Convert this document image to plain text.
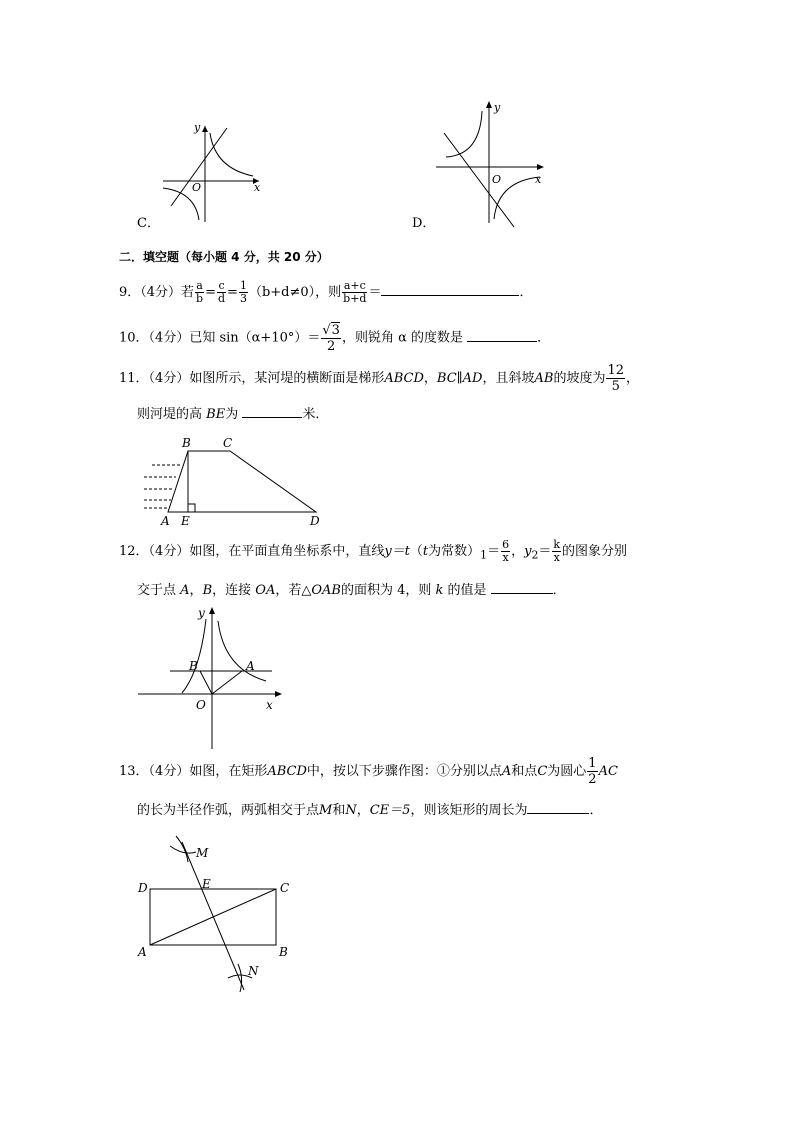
y
x
O
C．
y
x
O
D．
二．填空题（每小题 4 分，共 20 分）
9．（4分）若 $\frac{a}{b} = \frac{c}{d} = \frac{1}{3} (b+d\ne 0)$，则 $\frac{a+c}{b+d}$ ＝	．
10．（4分）已知 $\sin(\alpha+10^\circ)= \frac{√3}{2}$ ，则锐角 α 的度数是	．
11．（4分）如图所示，某河堤的横断面是梯形ABCD，BC∥AD，且斜坡AB的坡度为 $\frac{12}{5}$ ，
则河堤的高 BE为	米．
B	C
A E	D
12．（4分）如图，在平面直角坐标系中，直线y＝t（t为常数）$_1= \frac{6}{x}$ ，$y_2= \frac{k}{x}$ 的图象分别
交于点 A，B，连接 OA，若△OAB的面积为 4，则 k 的值是	．
y
x
O
B	A
13．（4分）如图，在矩形ABCD中，按以下步骤作图：①分别以点A和点C为圆心 $\frac{1}{2}$ AC
的长为半径作弧，两弧相交于点M和N，CE＝5，则该矩形的周长为	．
M
N
D	E	C
A	B
